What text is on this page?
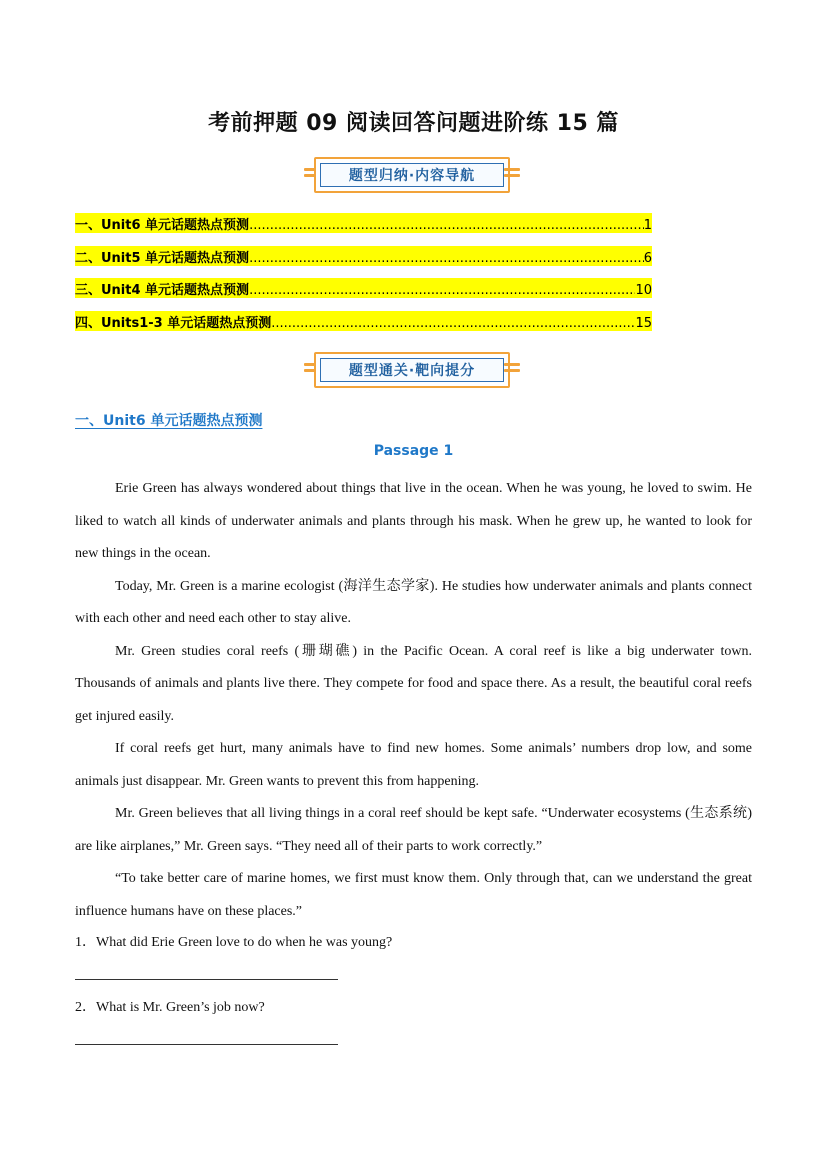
考前押题 09 阅读回答问题进阶练 15 篇
题型归纳·内容导航
一、Unit6 单元话题热点预测 .....	1
二、Unit5 单元话题热点预测 .....	6
三、Unit4 单元话题热点预测 .....	10
四、Units1-3 单元话题热点预测 .....	15
题型通关·靶向提分
一、Unit6 单元话题热点预测
Passage 1

Erie Green has always wondered about things that live in the ocean. When he was young, he loved to swim. He liked to watch all kinds of underwater animals and plants through his mask. When he grew up, he wanted to look for new things in the ocean.

Today, Mr. Green is a marine ecologist (海洋生态学家). He studies how underwater animals and plants connect with each other and need each other to stay alive.

Mr. Green studies coral reefs (珊瑚礁) in the Pacific Ocean. A coral reef is like a big underwater town. Thousands of animals and plants live there. They compete for food and space there. As a result, the beautiful coral reefs get injured easily.

If coral reefs get hurt, many animals have to find new homes. Some animals’ numbers drop low, and some animals just disappear. Mr. Green wants to prevent this from happening.

Mr. Green believes that all living things in a coral reef should be kept safe. “Underwater ecosystems (生态系统) are like airplanes,” Mr. Green says. “They need all of their parts to work correctly.”

“To take better care of marine homes, we first must know them. Only through that, can we understand the great influence humans have on these places.”

1．What did Erie Green love to do when he was young?
2．What is Mr. Green’s job now?
